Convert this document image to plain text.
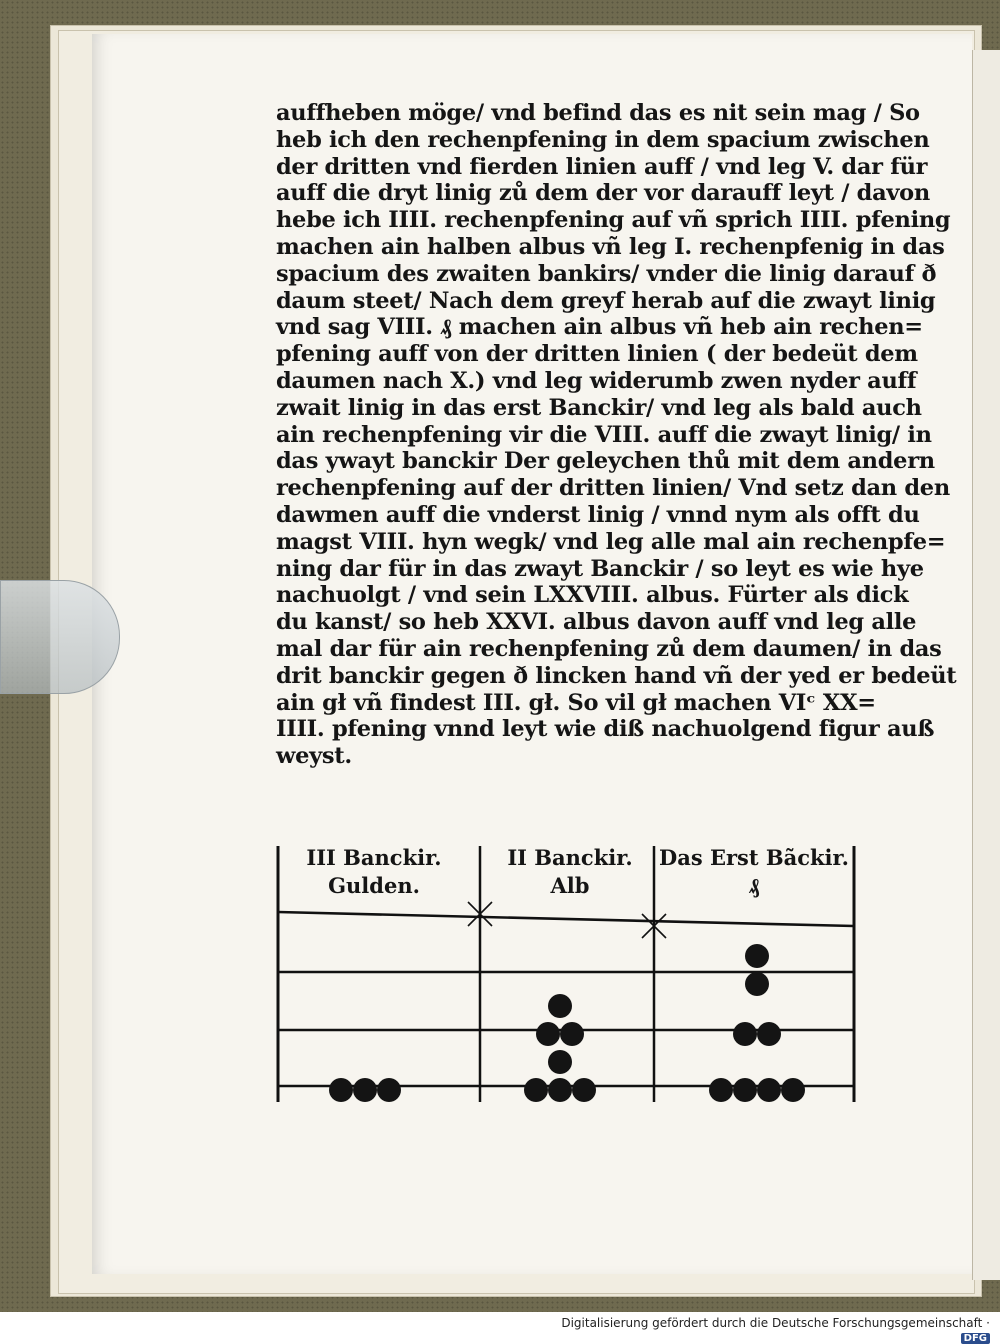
auffheben möge/ vnd befind das es nit sein mag / So
heb ich den rechenpfening in dem spacium zwischen
der dritten vnd fierden linien auff / vnd leg V. dar für
auff die dryt linig zů dem der vor darauff leyt / davon
hebe ich IIII. rechenpfening auf vñ sprich IIII. pfening
machen ain halben albus vñ leg I. rechenpfenig in das
spacium des zwaiten bankirs/ vnder die linig darauf ð
daum steet/ Nach dem greyf herab auf die zwayt linig
vnd sag VIII. ₰ machen ain albus vñ heb ain rechen=
pfening auff von der dritten linien ( der bedeüt dem
daumen nach X.) vnd leg widerumb zwen nyder auff
zwait linig in das erst Banckir/ vnd leg als bald auch
ain rechenpfening vir die VIII. auff die zwayt linig/ in
das ywayt banckir Der geleychen thů mit dem andern
rechenpfening auf der dritten linien/ Vnd setz dan den
dawmen auff die vnderst linig / vnnd nym als offt du
magst VIII. hyn wegk/ vnd leg alle mal ain rechenpfe=
ning dar für in das zwayt Banckir / so leyt es wie hye
nachuolgt / vnd sein LXXVIII. albus. Fürter als dick
du kanst/ so heb XXVI. albus davon auff vnd leg alle
mal dar für ain rechenpfening zů dem daumen/ in das
drit banckir gegen ð lincken hand vñ der yed er bedeüt
ain gł vñ findest III. gł. So vil gł machen VIᶜ XX=
IIII. pfening vnnd leyt wie diß nachuolgend figur auß
weyst.
III Banckir.
Gulden.
II Banckir.
Alb
Das Erst Bãckir.
₰
Digitalisierung gefördert durch die Deutsche Forschungsgemeinschaft · DFG
